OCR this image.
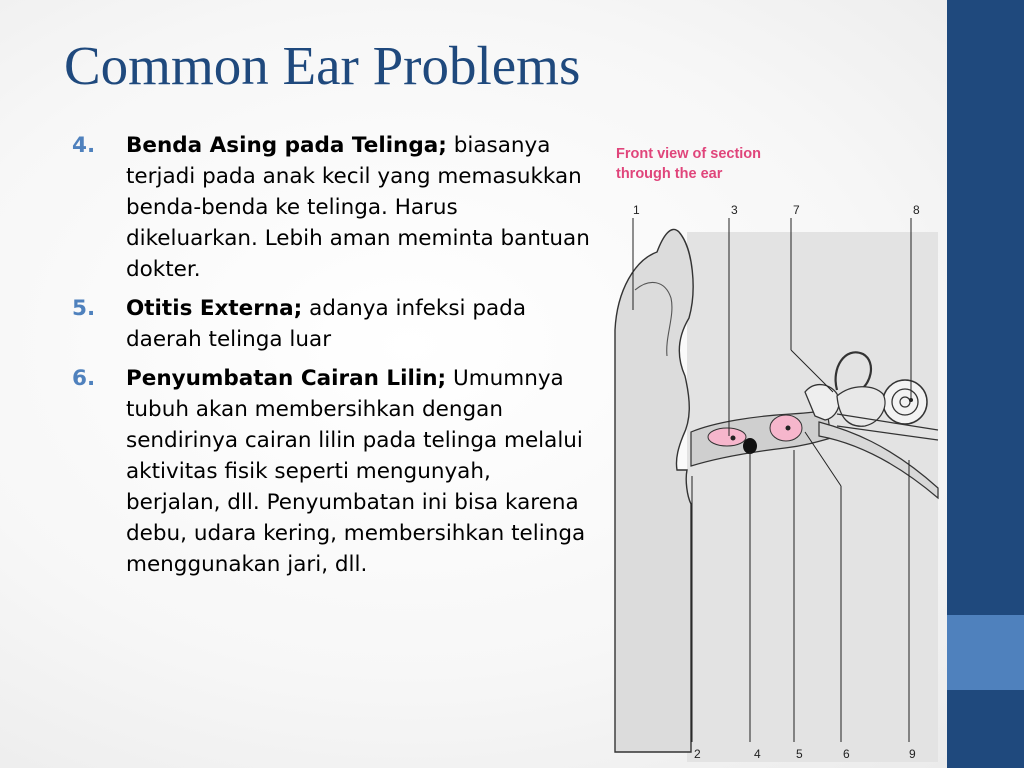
Common Ear Problems
4. Benda Asing pada Telinga; biasanya terjadi pada anak kecil yang memasukkan benda-benda ke telinga. Harus dikeluarkan. Lebih aman meminta bantuan dokter.
5. Otitis Externa; adanya infeksi pada daerah telinga luar
6. Penyumbatan Cairan Lilin; Umumnya tubuh akan membersihkan dengan sendirinya cairan lilin pada telinga melalui aktivitas fisik seperti mengunyah, berjalan, dll. Penyumbatan ini bisa karena debu, udara kering, membersihkan telinga menggunakan jari, dll.

Front view of section
through the ear

1	3	7	8
2	4	5	6	9
